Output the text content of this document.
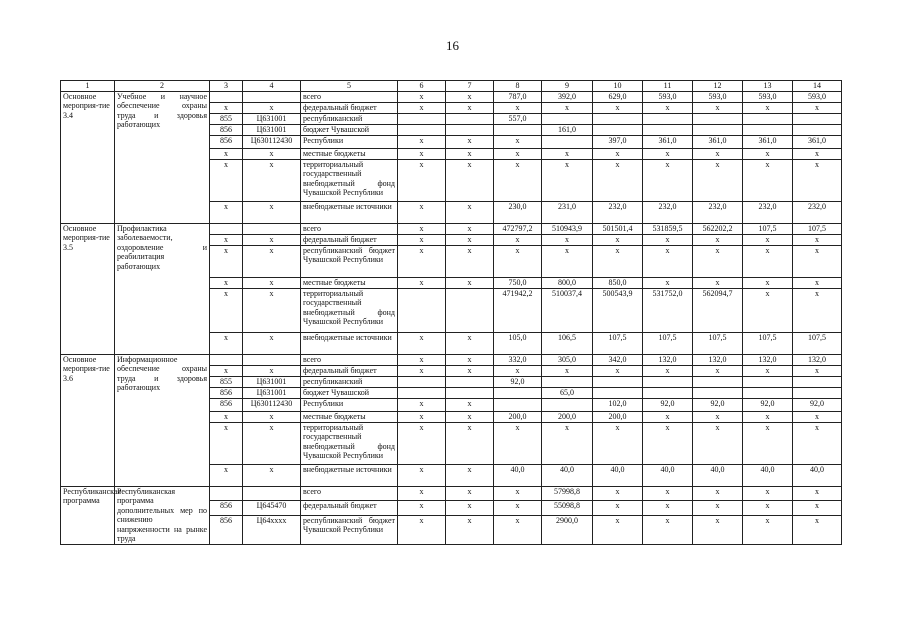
16
1	2	3	4	5	6	7	8	9	10	11	12	13	14
Основное мероприя-тие 3.4	Учебное и научное обеспечение охраны труда и здоровья работающих			всего	x	x	787,0	392,0	629,0	593,0	593,0	593,0	593,0
		x	x	федеральный бюджет	x	x	x	x	x	x	x	x	x
		855	Ц631001	республиканский			557,0						
		856	Ц631001	бюджет Чувашской				161,0					
		856	Ц630112430	Республики	x	x	x		397,0	361,0	361,0	361,0	361,0
		x	x	местные бюджеты	x	x	x	x	x	x	x	x	x
		x	x	территориальный государственный внебюджетный фонд Чувашской Республики	x	x	x	x	x	x	x	x	x
		x	x	внебюджетные источники	x	x	230,0	231,0	232,0	232,0	232,0	232,0	232,0
Основное мероприя-тие 3.5	Профилактика заболеваемости, оздоровление и реабилитация работающих			всего	x	x	472797,2	510943,9	501501,4	531859,5	562202,2	107,5	107,5
		x	x	федеральный бюджет	x	x	x	x	x	x	x	x	x
		x	x	республиканский бюджет Чувашской Республики	x	x	x	x	x	x	x	x	x
		x	x	местные бюджеты	x	x	750,0	800,0	850,0	x	x	x	x
		x	x	территориальный государственный внебюджетный фонд Чувашской Республики			471942,2	510037,4	500543,9	531752,0	562094,7	x	x
		x	x	внебюджетные источники	x	x	105,0	106,5	107,5	107,5	107,5	107,5	107,5
Основное мероприя-тие 3.6	Информационное обеспечение охраны труда и здоровья работающих			всего	x	x	332,0	305,0	342,0	132,0	132,0	132,0	132,0
		x	x	федеральный бюджет	x	x	x	x	x	x	x	x	x
		855	Ц631001	республиканский			92,0						
		856	Ц631001	бюджет Чувашской				65,0					
		856	Ц630112430	Республики	x	x			102,0	92,0	92,0	92,0	92,0
		x	x	местные бюджеты	x	x	200,0	200,0	200,0	x	x	x	x
		x	x	территориальный государственный внебюджетный фонд Чувашской Республики	x	x	x	x	x	x	x	x	x
		x	x	внебюджетные источники	x	x	40,0	40,0	40,0	40,0	40,0	40,0	40,0
Республиканская программа	Республиканская программа дополнительных мер по снижению напряженности на рынке труда			всего	x	x	x	57998,8	x	x	x	x	x
		856	Ц645470	федеральный бюджет	x	x	x	55098,8	x	x	x	x	x
		856	Ц64xxxx	республиканский бюджет Чувашской Республики	x	x	x	2900,0	x	x	x	x	x
